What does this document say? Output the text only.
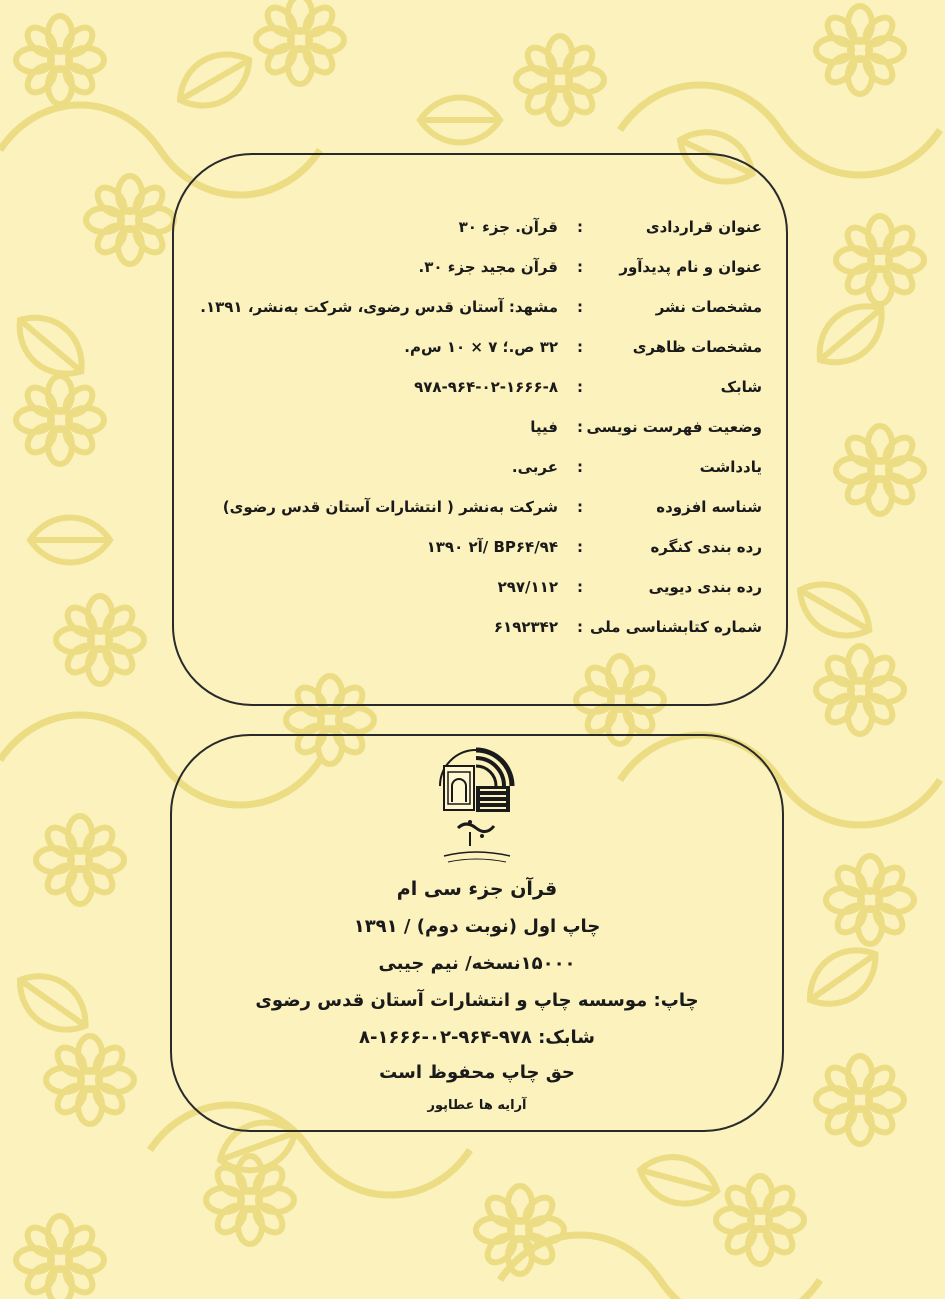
عنوان قراردادی
:
قرآن. جزء ۳۰
عنوان و نام پدیدآور
:
قرآن مجید جزء ۳۰.
مشخصات نشر
:
مشهد: آستان قدس رضوی، شرکت به‌نشر، ۱۳۹۱.
مشخصات ظاهری
:
۳۲ ص.؛ ۷ × ۱۰ س‌م.
شابک
:
۹۷۸-۹۶۴-۰۲-۱۶۶۶-۸
وضعیت فهرست نویسی
:
فیپا
یادداشت
:
عربی.
شناسه افزوده
:
شرکت به‌نشر ( انتشارات آستان قدس رضوی)
رده بندی کنگره
:
BP۶۴/۹۴ /آ۲ ۱۳۹۰
رده بندی دیویی
:
۲۹۷/۱۱۲
شماره کتابشناسی ملی
:
۶۱۹۲۳۴۲
قرآن جزء سی ام
چاپ اول (نوبت دوم) / ۱۳۹۱
۱۵۰۰۰نسخه/ نیم جیبی
چاپ: موسسه چاپ و انتشارات آستان قدس رضوی
شابک: ۹۷۸-۹۶۴-۰۲-۱۶۶۶-۸
حق چاپ محفوظ است
آرایه ها عطاپور
